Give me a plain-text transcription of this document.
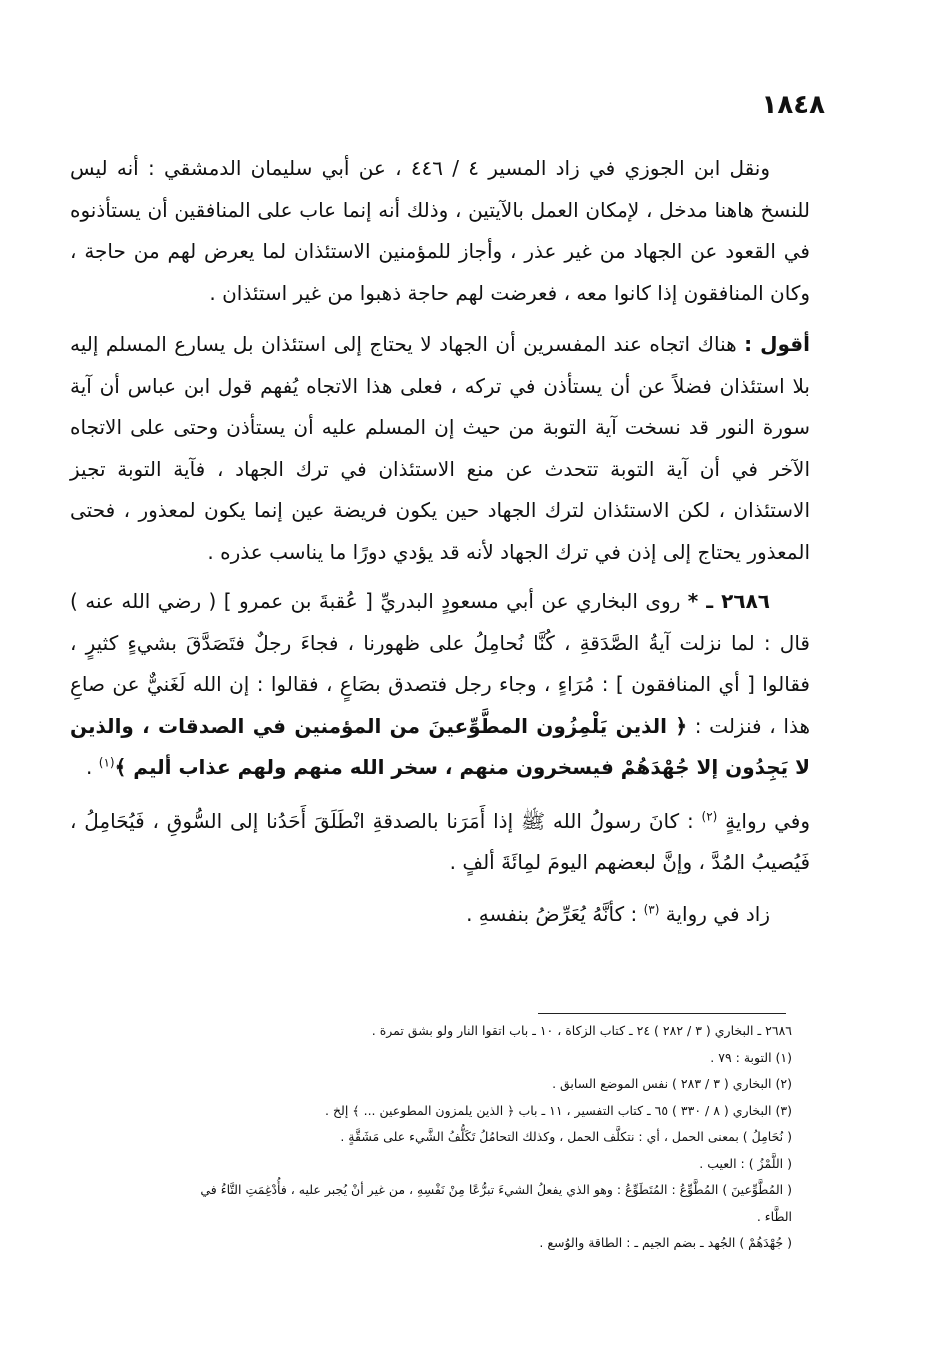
١٨٤٨

ونقل ابن الجوزي في زاد المسير ٤ / ٤٤٦ ، عن أبي سليمان الدمشقي : أنه ليس للنسخ هاهنا مدخل ، لإمكان العمل بالآيتين ، وذلك أنه إنما عاب على المنافقين أن يستأذنوه في القعود عن الجهاد من غير عذر ، وأجاز للمؤمنين الاستئذان لما يعرض لهم من حاجة ، وكان المنافقون إذا كانوا معه ، فعرضت لهم حاجة ذهبوا من غير استئذان .

أقول : هناك اتجاه عند المفسرين أن الجهاد لا يحتاج إلى استئذان بل يسارع المسلم إليه بلا استئذان فضلاً عن أن يستأذن في تركه ، فعلى هذا الاتجاه يُفهم قول ابن عباس أن آية سورة النور قد نسخت آية التوبة من حيث إن المسلم عليه أن يستأذن وحتى على الاتجاه الآخر في أن آية التوبة تتحدث عن منع الاستئذان في ترك الجهاد ، فآية التوبة تجيز الاستئذان ، لكن الاستئذان لترك الجهاد حين يكون فريضة عين إنما يكون لمعذور ، فحتى المعذور يحتاج إلى إذن في ترك الجهاد لأنه قد يؤدي دورًا ما يناسب عذره .

٢٦٨٦ ـ * روى البخاري عن أبي مسعودٍ البدريِّ [ عُقبةَ بن عمرو ] ( رضي الله عنه ) قال : لما نزلت آيةُ الصَّدَقةِ ، كُنَّا نُحامِلُ على ظهورنا ، فجاءَ رجلٌ فتَصَدَّقَ بشيءٍ كثيرٍ ، فقالوا [ أي المنافقون ] : مُرَاءٍ ، وجاء رجل فتصدق بصَاعٍ ، فقالوا : إن الله لَغَنيٌّ عن صاعِ هذا ، فنزلت : ﴿ الذين يَلْمِزُون المطَّوِّعينَ من المؤمنين في الصدقات ، والذين لا يَجِدُون إلا جُهْدَهُمْ فيسخرون منهم ، سخر الله منهم ولهم عذاب أليم ﴾$^{(١)}$ .

وفي روايةٍ $^{(٢)}$ : كانَ رسولُ الله ﷺ إذا أَمَرَنا بالصدقةِ انْطَلَقَ أَحَدُنا إلى السُّوقِ ، فَيُحَامِلُ ، فَيُصيبُ المُدَّ ، وإنَّ لبعضهم اليومَ لمِائَةَ ألفٍ .

زاد في رواية $^{(٣)}$ : كأنَّهُ يُعَرِّضُ بنفسهِ .

٢٦٨٦ ـ البخاري ( ٣ / ٢٨٢ ) ٢٤ ـ كتاب الزكاة ، ١٠ ـ باب اتقوا النار ولو بشق تمرة .

(١) التوبة : ٧٩ .

(٢) البخاري ( ٣ / ٢٨٣ ) نفس الموضع السابق .

(٣) البخاري ( ٨ / ٣٣٠ ) ٦٥ ـ كتاب التفسير ، ١١ ـ باب ﴿ الذين يلمزون المطوعين ... ﴾ إلخ .

( نُحَامِلُ ) بمعنى الحمل ، أي : نتكلَّف الحمل ، وكذلك التحامُلُ تَكَلُّفُ الشَّيء على مَشَقَّةٍ .

( اللَّمْزُ ) : العيب .

( المُطَّوِّعينَ ) المُطَّوِّعُ : المُتَطَوِّعُ : وهو الذي يفعلُ الشيءَ تبرُّعًا مِنْ نَفْسِهِ ، من غير أنْ يُجبر عليه ، فأُدْغِمَتِ التَّاءُ في الطَّاء .

( جُهْدَهُمْ ) الجُهد ـ بضم الجيم ـ : الطاقة والوُسع .
